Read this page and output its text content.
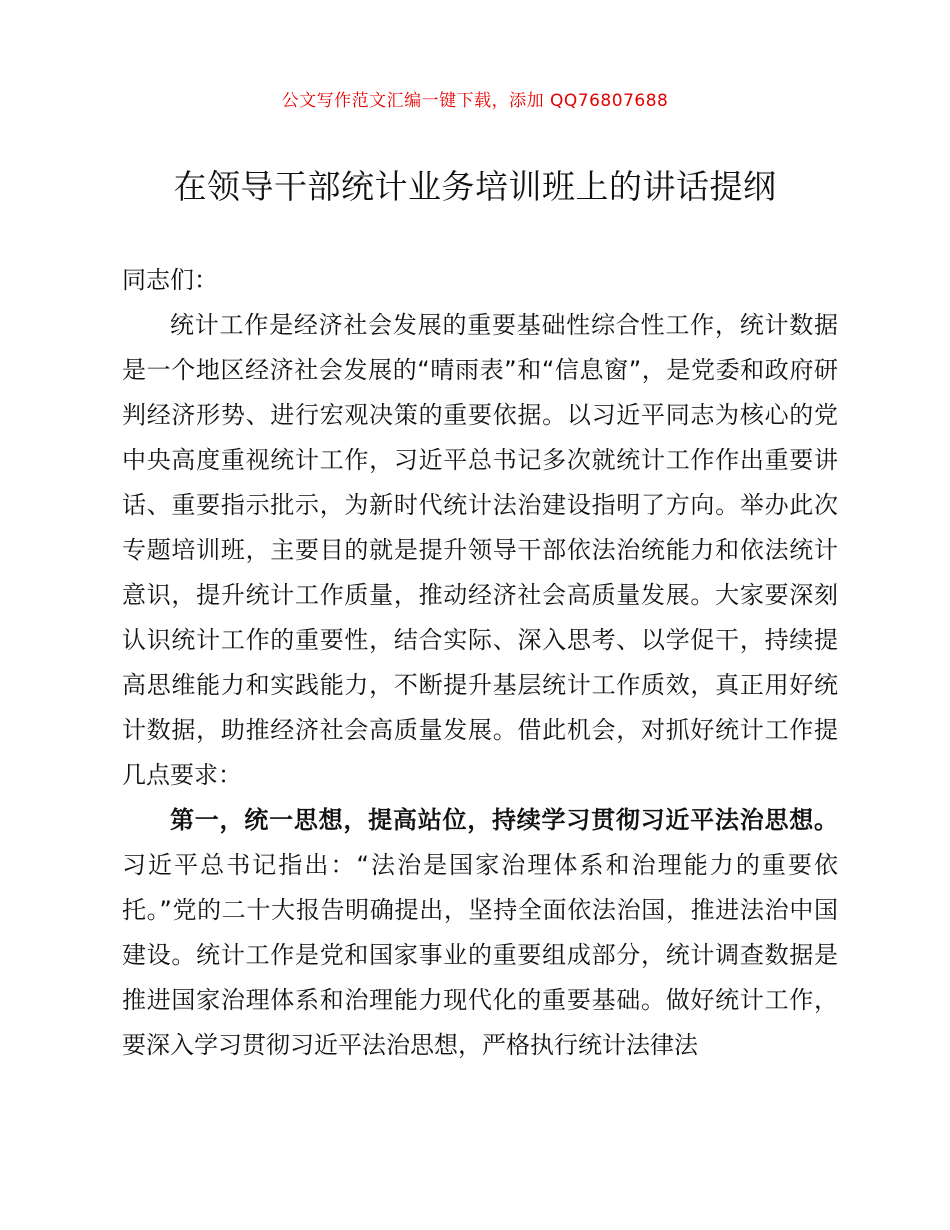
公文写作范文汇编一键下载，添加 QQ76807688
在领导干部统计业务培训班上的讲话提纲

同志们：

统计工作是经济社会发展的重要基础性综合性工作，统计数据是一个地区经济社会发展的“晴雨表”和“信息窗”，是党委和政府研判经济形势、进行宏观决策的重要依据。以习近平同志为核心的党中央高度重视统计工作，习近平总书记多次就统计工作作出重要讲话、重要指示批示，为新时代统计法治建设指明了方向。举办此次专题培训班，主要目的就是提升领导干部依法治统能力和依法统计意识，提升统计工作质量，推动经济社会高质量发展。大家要深刻认识统计工作的重要性，结合实际、深入思考、以学促干，持续提高思维能力和实践能力，不断提升基层统计工作质效，真正用好统计数据，助推经济社会高质量发展。借此机会，对抓好统计工作提几点要求：

第一，统一思想，提高站位，持续学习贯彻习近平法治思想。习近平总书记指出：“法治是国家治理体系和治理能力的重要依托。”党的二十大报告明确提出，坚持全面依法治国，推进法治中国建设。统计工作是党和国家事业的重要组成部分，统计调查数据是推进国家治理体系和治理能力现代化的重要基础。做好统计工作，要深入学习贯彻习近平法治思想，严格执行统计法律法
